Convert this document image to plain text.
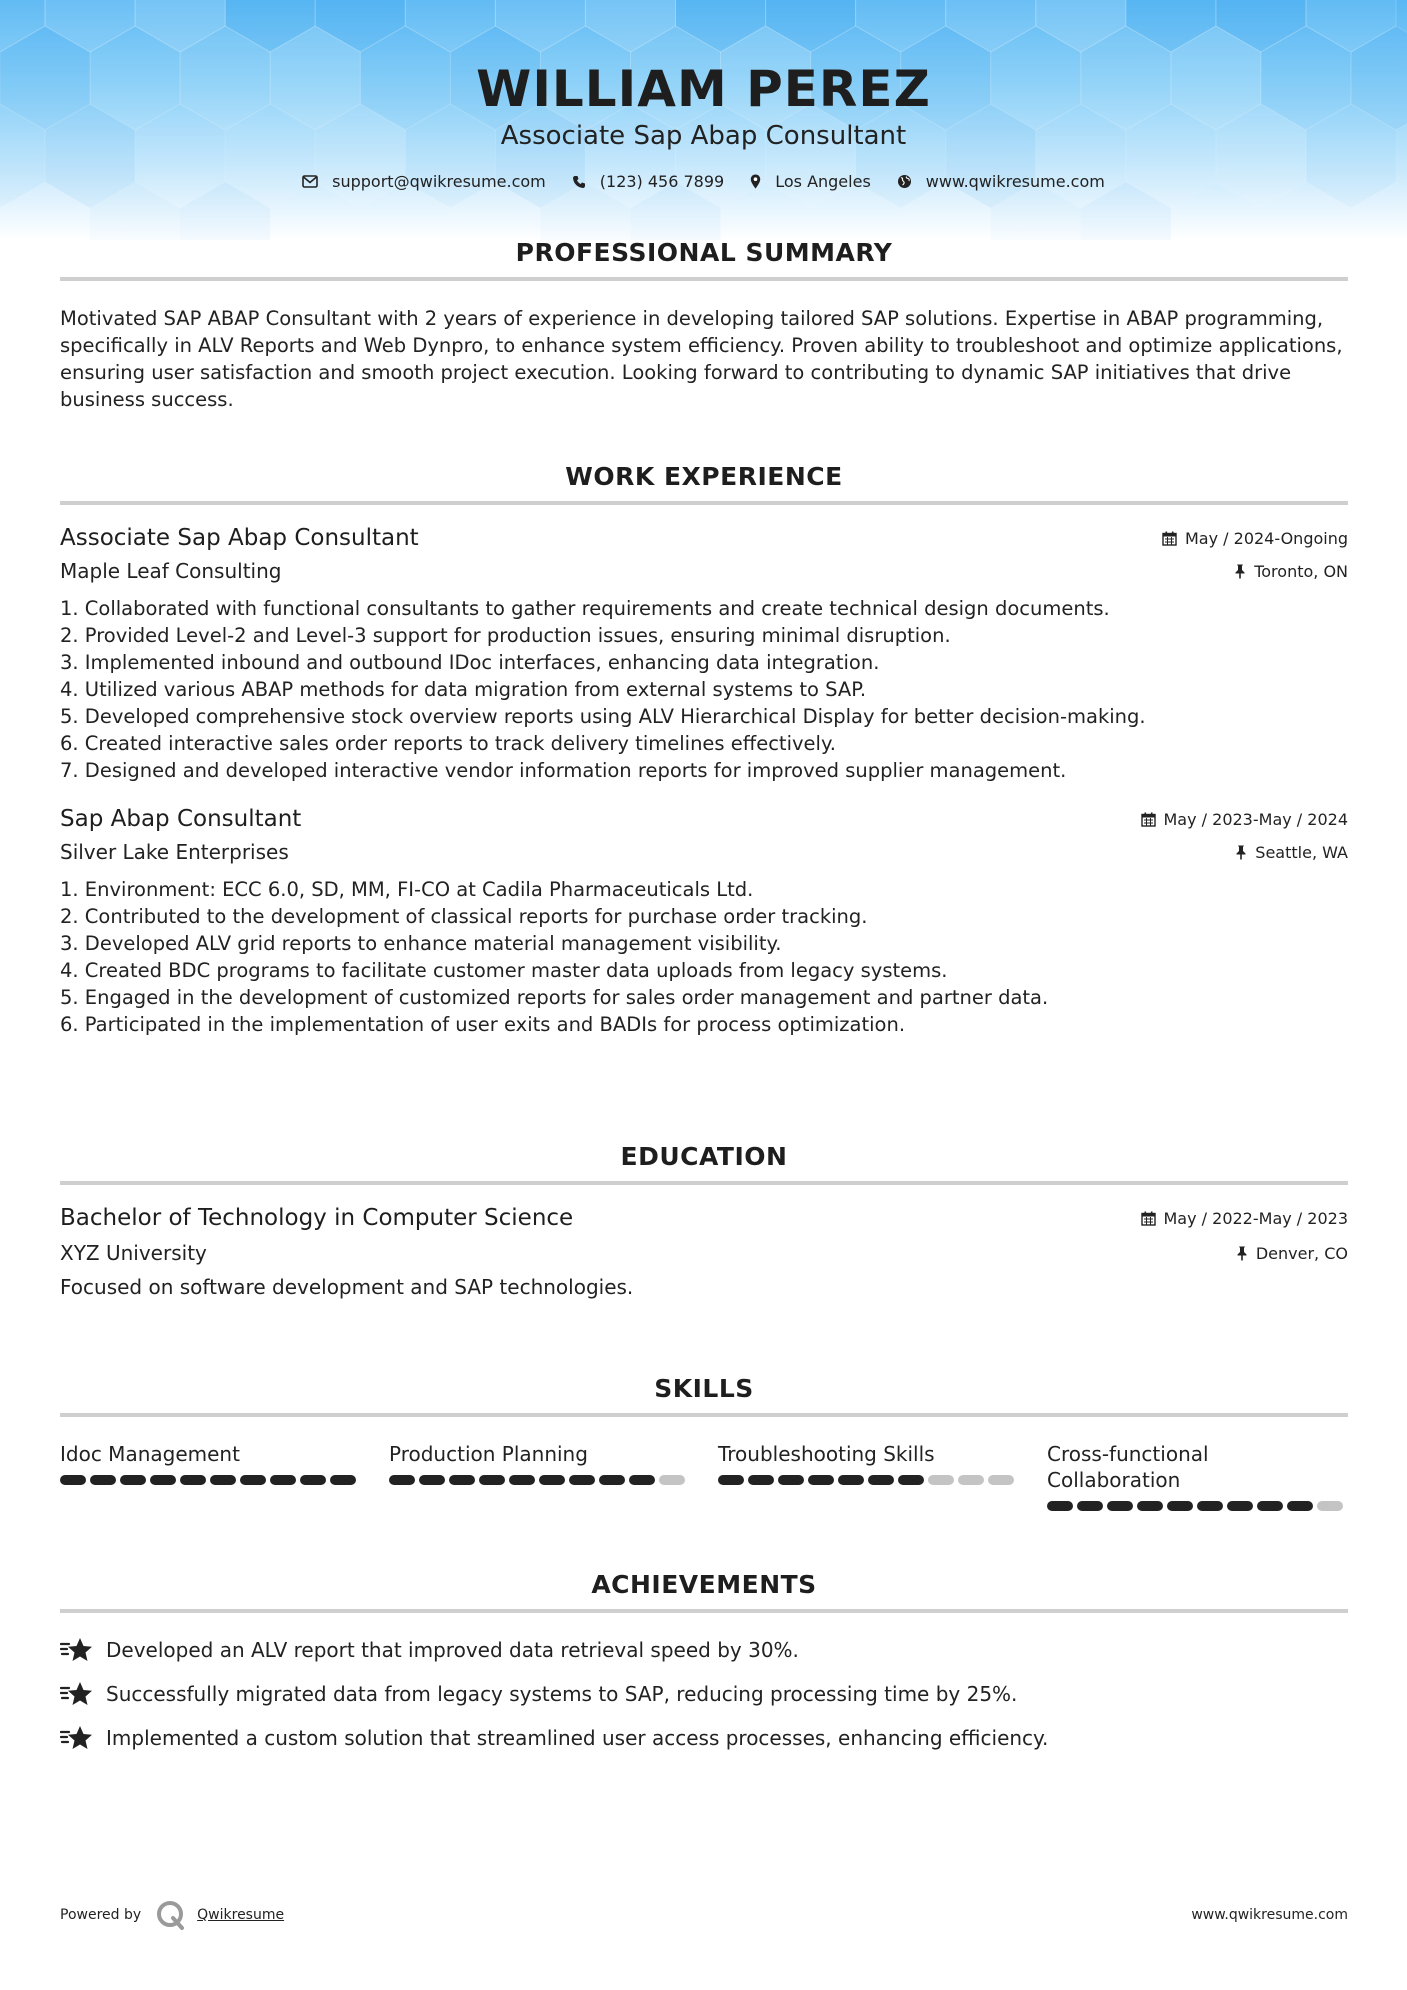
WILLIAM PEREZ
Associate Sap Abap Consultant
support@qwikresume.com	(123) 456 7899	Los Angeles	www.qwikresume.com
PROFESSIONAL SUMMARY
Motivated SAP ABAP Consultant with 2 years of experience in developing tailored SAP solutions. Expertise in ABAP programming, specifically in ALV Reports and Web Dynpro, to enhance system efficiency. Proven ability to troubleshoot and optimize applications, ensuring user satisfaction and smooth project execution. Looking forward to contributing to dynamic SAP initiatives that drive business success.
WORK EXPERIENCE
Associate Sap Abap Consultant	May / 2024-Ongoing
Maple Leaf Consulting	Toronto, ON
1. Collaborated with functional consultants to gather requirements and create technical design documents.
2. Provided Level-2 and Level-3 support for production issues, ensuring minimal disruption.
3. Implemented inbound and outbound IDoc interfaces, enhancing data integration.
4. Utilized various ABAP methods for data migration from external systems to SAP.
5. Developed comprehensive stock overview reports using ALV Hierarchical Display for better decision-making.
6. Created interactive sales order reports to track delivery timelines effectively.
7. Designed and developed interactive vendor information reports for improved supplier management.
Sap Abap Consultant	May / 2023-May / 2024
Silver Lake Enterprises	Seattle, WA
1. Environment: ECC 6.0, SD, MM, FI-CO at Cadila Pharmaceuticals Ltd.
2. Contributed to the development of classical reports for purchase order tracking.
3. Developed ALV grid reports to enhance material management visibility.
4. Created BDC programs to facilitate customer master data uploads from legacy systems.
5. Engaged in the development of customized reports for sales order management and partner data.
6. Participated in the implementation of user exits and BADIs for process optimization.
EDUCATION
Bachelor of Technology in Computer Science	May / 2022-May / 2023
XYZ University	Denver, CO
Focused on software development and SAP technologies.
SKILLS
Idoc Management	Production Planning	Troubleshooting Skills	Cross-functional Collaboration
ACHIEVEMENTS
Developed an ALV report that improved data retrieval speed by 30%.
Successfully migrated data from legacy systems to SAP, reducing processing time by 25%.
Implemented a custom solution that streamlined user access processes, enhancing efficiency.
Powered by	Qwikresume	www.qwikresume.com
